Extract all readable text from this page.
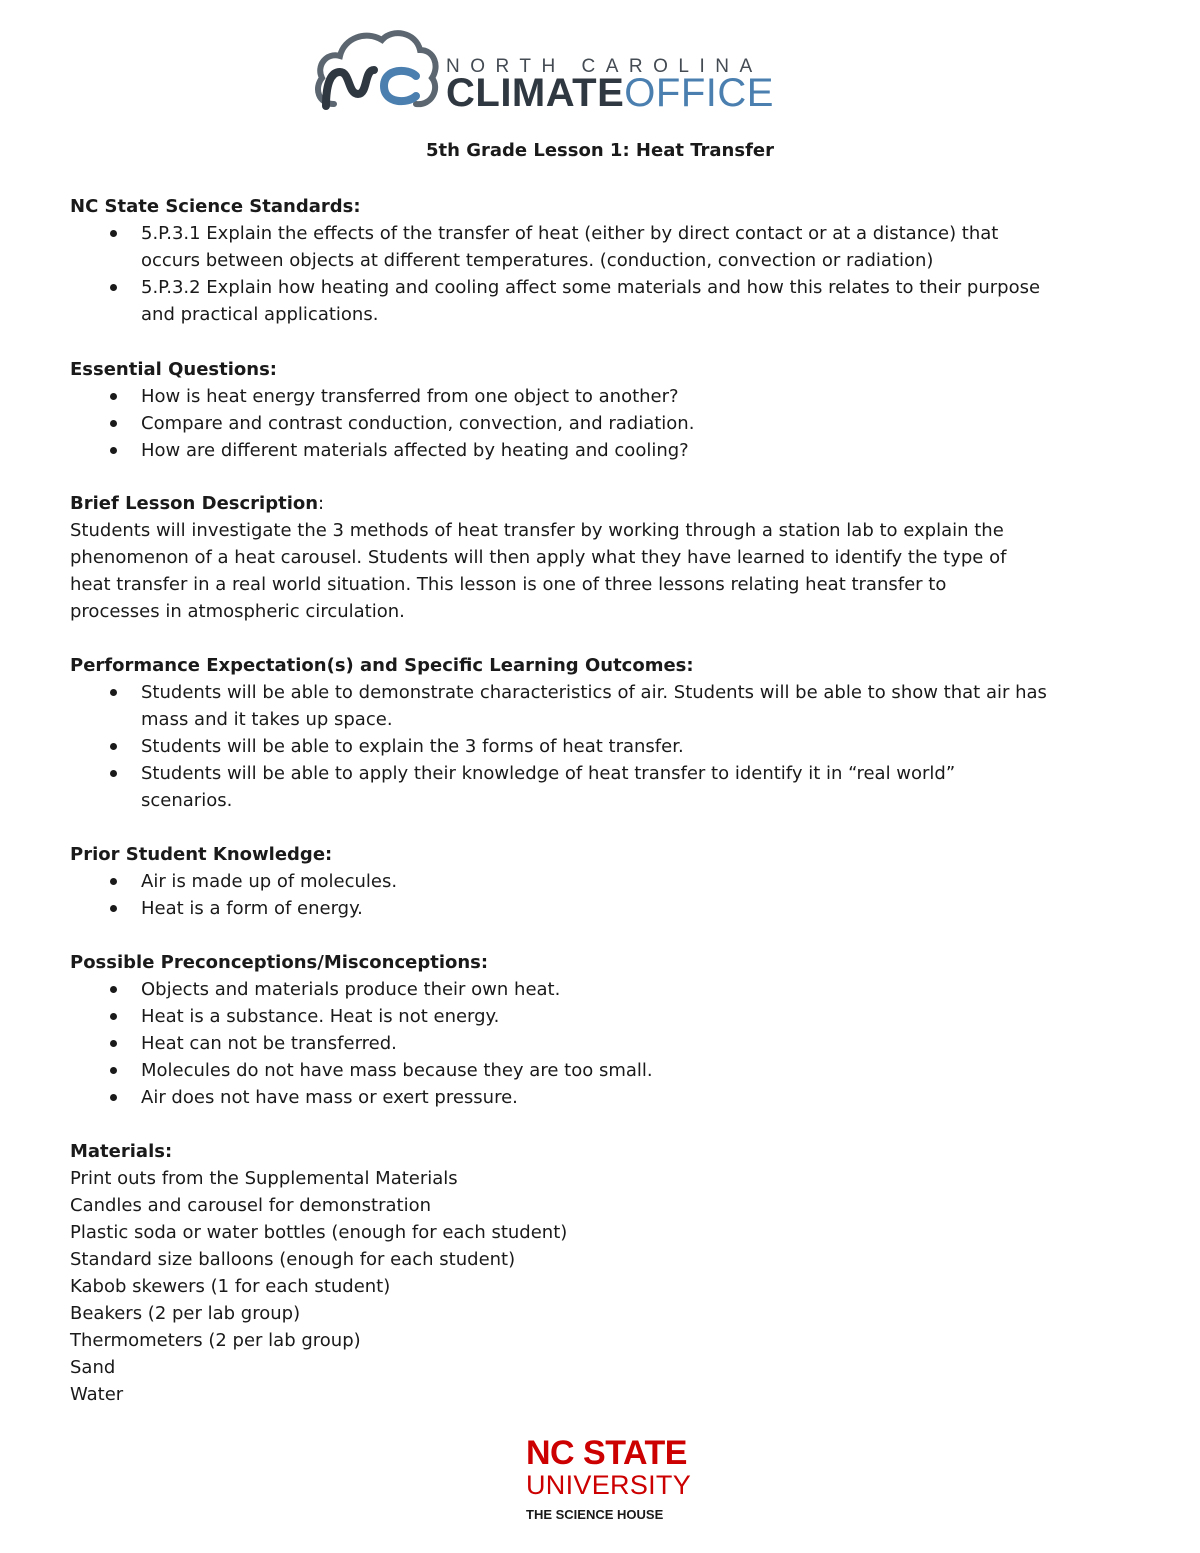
NORTH CAROLINA
CLIMATEOFFICE
5th Grade Lesson 1: Heat Transfer
NC State Science Standards:
5.P.3.1 Explain the effects of the transfer of heat (either by direct contact or at a distance) that
occurs between objects at different temperatures. (conduction, convection or radiation)
5.P.3.2 Explain how heating and cooling affect some materials and how this relates to their purpose
and practical applications.
Essential Questions:
How is heat energy transferred from one object to another?
Compare and contrast conduction, convection, and radiation.
How are different materials affected by heating and cooling?
Brief Lesson Description:
Students will investigate the 3 methods of heat transfer by working through a station lab to explain the
phenomenon of a heat carousel. Students will then apply what they have learned to identify the type of
heat transfer in a real world situation. This lesson is one of three lessons relating heat transfer to
processes in atmospheric circulation.
Performance Expectation(s) and Specific Learning Outcomes:
Students will be able to demonstrate characteristics of air. Students will be able to show that air has
mass and it takes up space.
Students will be able to explain the 3 forms of heat transfer.
Students will be able to apply their knowledge of heat transfer to identify it in “real world”
scenarios.
Prior Student Knowledge:
Air is made up of molecules.
Heat is a form of energy.
Possible Preconceptions/Misconceptions:
Objects and materials produce their own heat.
Heat is a substance. Heat is not energy.
Heat can not be transferred.
Molecules do not have mass because they are too small.
Air does not have mass or exert pressure.
Materials:
Print outs from the Supplemental Materials
Candles and carousel for demonstration
Plastic soda or water bottles (enough for each student)
Standard size balloons (enough for each student)
Kabob skewers (1 for each student)
Beakers (2 per lab group)
Thermometers (2 per lab group)
Sand
Water
NC STATE
UNIVERSITY
THE SCIENCE HOUSE
